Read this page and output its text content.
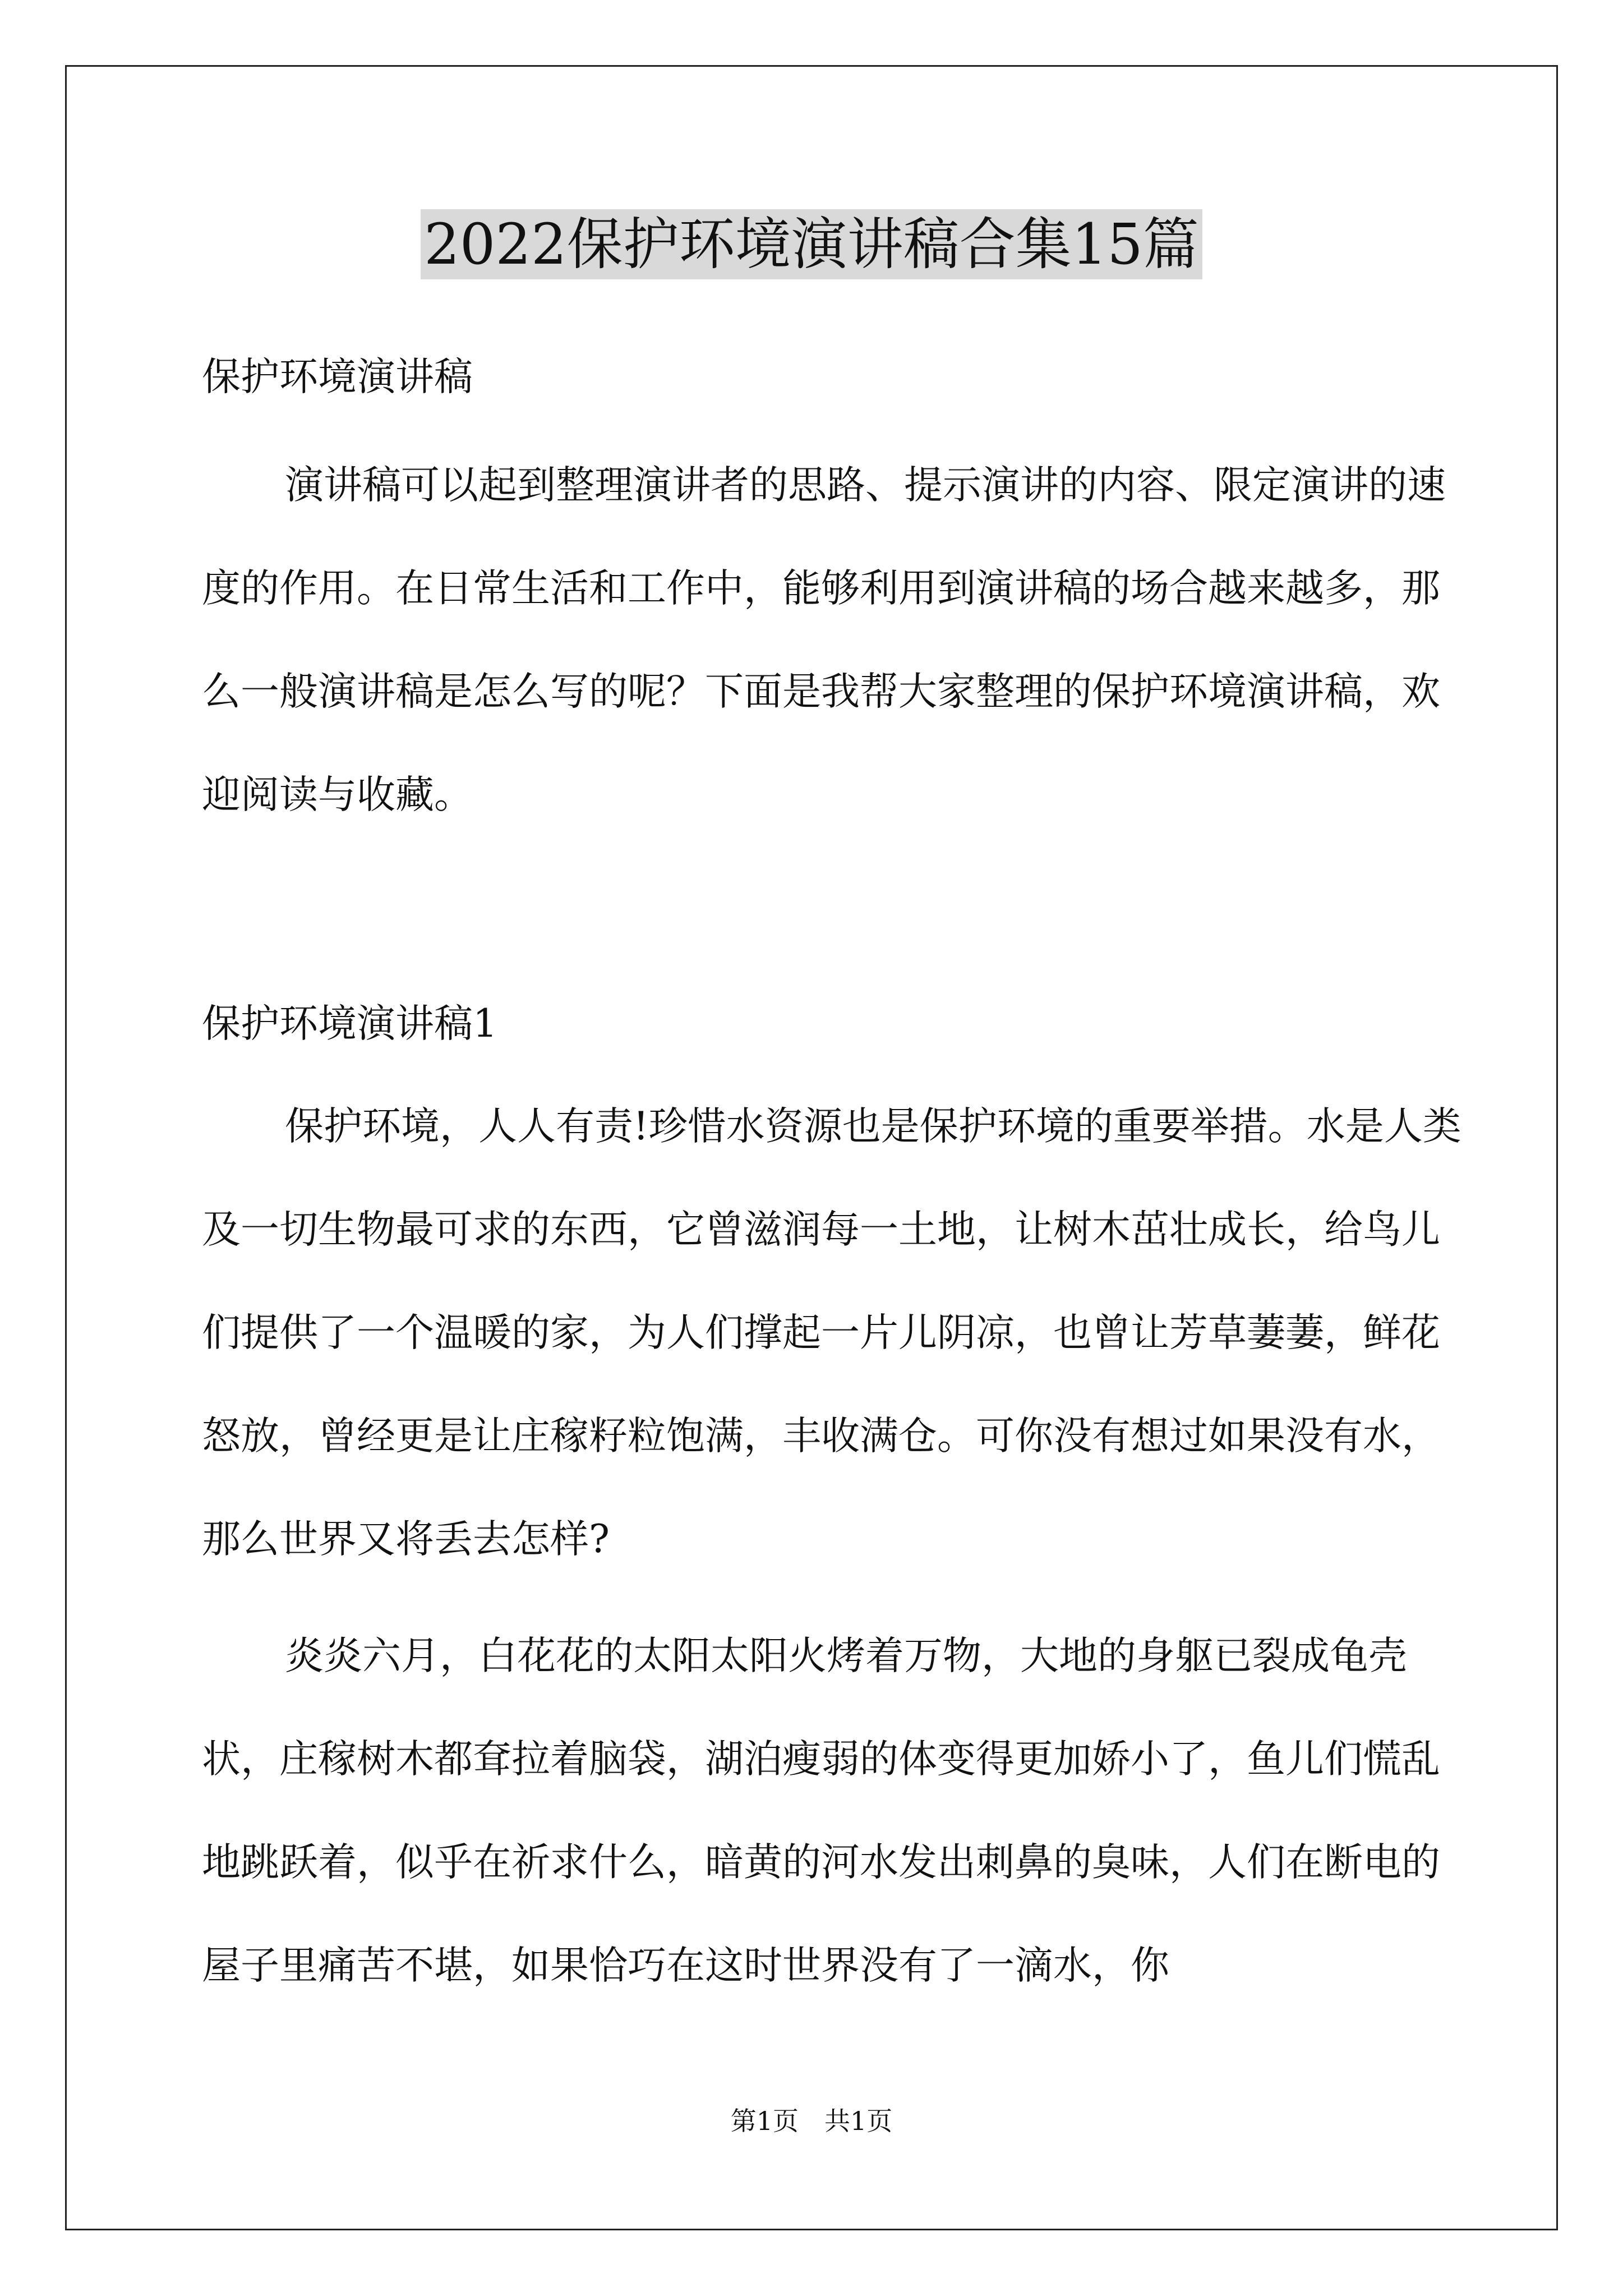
2022保护环境演讲稿合集15篇
保护环境演讲稿
演讲稿可以起到整理演讲者的思路、提示演讲的内容、限定演讲的速度的作用。在日常生活和工作中，能够利用到演讲稿的场合越来越多，那么一般演讲稿是怎么写的呢？下面是我帮大家整理的保护环境演讲稿，欢迎阅读与收藏。
保护环境演讲稿1
保护环境，人人有责!珍惜水资源也是保护环境的重要举措。水是人类及一切生物最可求的东西，它曾滋润每一土地，让树木茁壮成长，给鸟儿们提供了一个温暖的家，为人们撑起一片儿阴凉，也曾让芳草萋萋，鲜花怒放，曾经更是让庄稼籽粒饱满，丰收满仓。可你没有想过如果没有水，那么世界又将丢去怎样?
炎炎六月，白花花的太阳太阳火烤着万物，大地的身躯已裂成龟壳状，庄稼树木都耷拉着脑袋，湖泊瘦弱的体变得更加娇小了，鱼儿们慌乱地跳跃着，似乎在祈求什么，暗黄的河水发出刺鼻的臭味，人们在断电的屋子里痛苦不堪，如果恰巧在这时世界没有了一滴水，你
第1页　共1页
